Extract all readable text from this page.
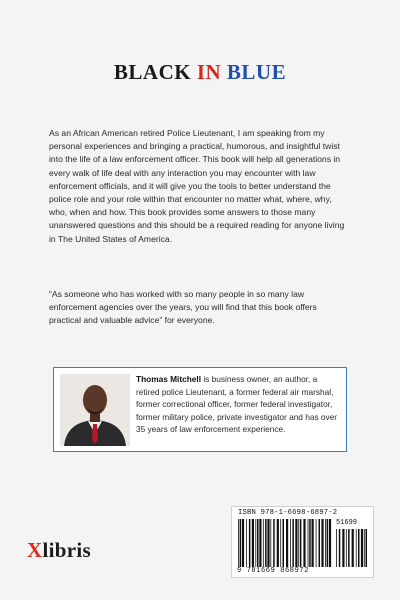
BLACK IN BLUE

As an African American retired Police Lieutenant, I am speaking from my personal experiences and bringing a practical, humorous, and insightful twist into the life of a law enforcement officer. This book will help all generations in every walk of life deal with any interaction you may encounter with law enforcement officials, and it will give you the tools to better understand the police role and your role within that encounter no matter what, where, why, who, when and how. This book provides some answers to those many unanswered questions and this should be a required reading for anyone living in The United States of America.

“As someone who has worked with so many people in so many law enforcement agencies over the years, you will find that this book offers practical and valuable advice” for everyone.

Thomas Mitchell is business owner, an author, a retired police Lieutenant, a former federal air marshal, former correctional officer, former federal investigator, former military police, private investigator and has over 35 years of law enforcement experience.

Xlibris
ISBN 978-1-6698-6897-2
51699
9 781669 868972
